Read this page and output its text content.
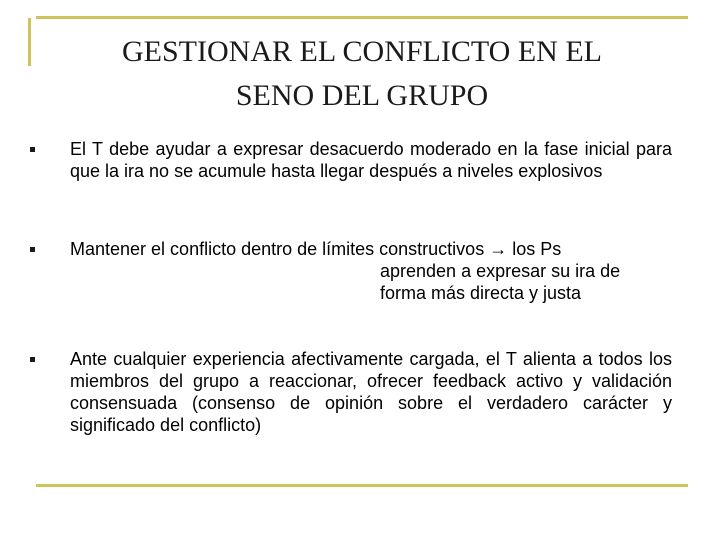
GESTIONAR EL CONFLICTO EN EL
SENO DEL GRUPO
El T debe ayudar a expresar desacuerdo moderado en la fase inicial para que la ira no se acumule hasta llegar después a niveles explosivos
Mantener el conflicto dentro de límites constructivos → los Ps
aprenden a expresar su ira de
forma más directa y justa
Ante cualquier experiencia afectivamente cargada, el T alienta a todos los miembros del grupo a reaccionar, ofrecer feedback activo y validación consensuada (consenso de opinión sobre el verdadero carácter y significado del conflicto)
